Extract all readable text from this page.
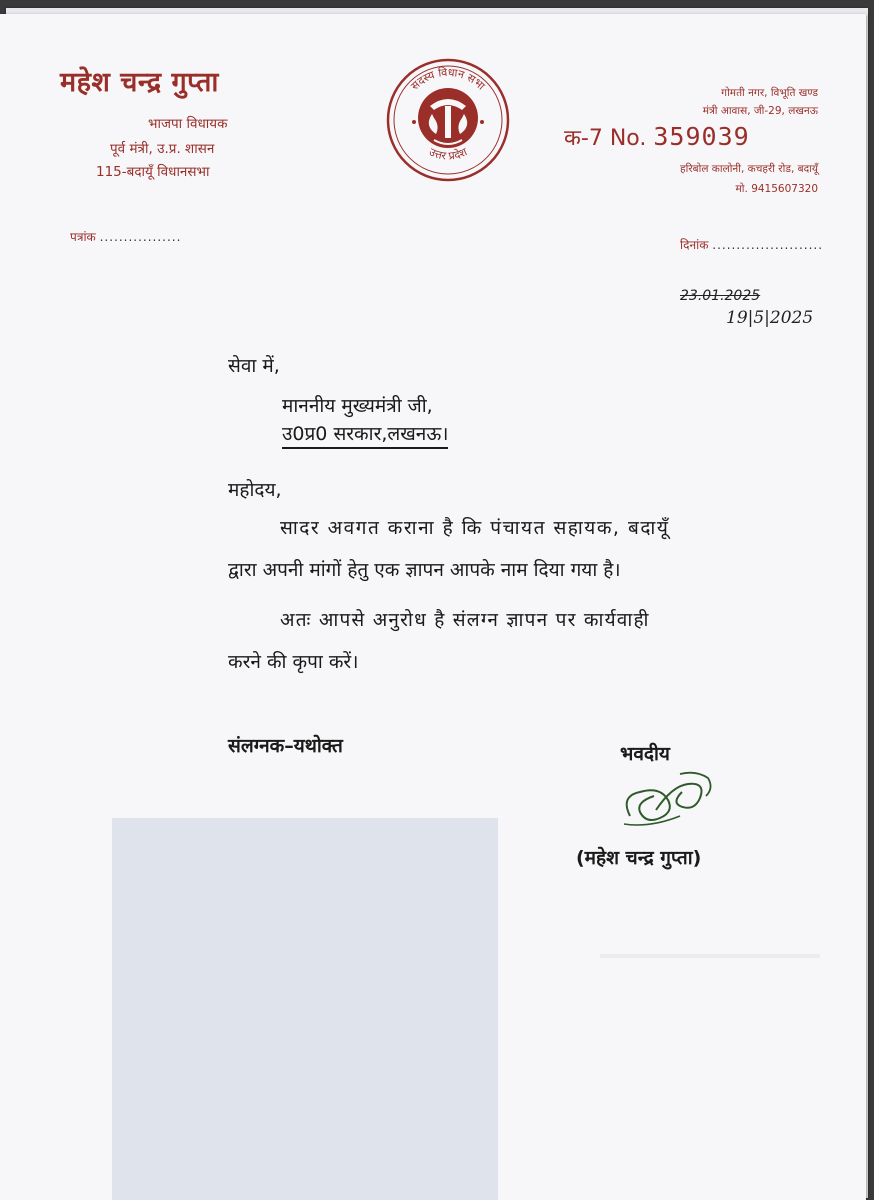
महेश चन्द्र गुप्ता
भाजपा विधायक
पूर्व मंत्री, उ.प्र. शासन
115-बदायूँ विधानसभा
सदस्य विधान सभा
उत्तर प्रदेश
गोमती नगर, विभूति खण्ड
मंत्री आवास, जी-29, लखनऊ
क-7 No. 359039
हरिबोल कालोनी, कचहरी रोड, बदायूँ
मो. 9415607320
पत्रांक .................
दिनांक .......................
23.01.2025
19|5|2025
सेवा में,
माननीय मुख्यमंत्री जी,
उ0प्र0 सरकार,लखनऊ।
महोदय,
सादर अवगत कराना है कि पंचायत सहायक, बदायूँ
द्वारा अपनी मांगों हेतु एक ज्ञापन आपके नाम दिया गया है।
अतः आपसे अनुरोध है संलग्न ज्ञापन पर कार्यवाही
करने की कृपा करें।
संलग्नक–यथोक्त	भवदीय
(महेश चन्द्र गुप्ता)
